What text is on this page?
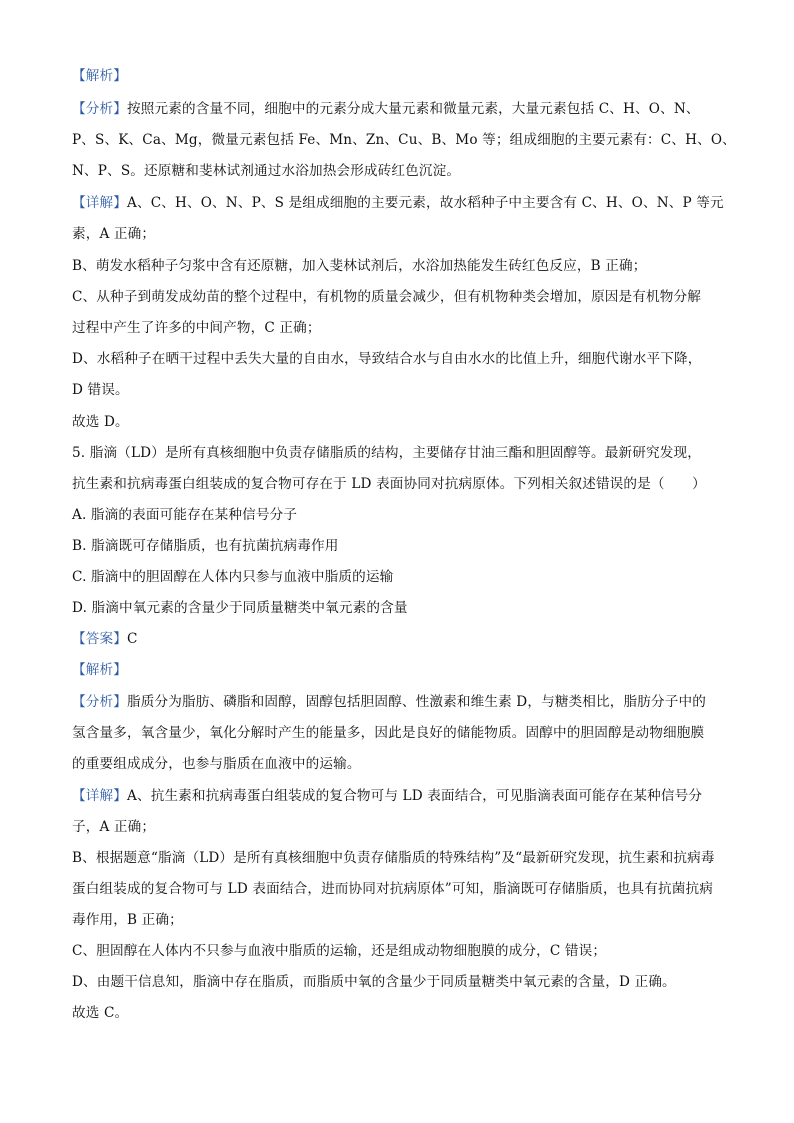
【解析】
【分析】按照元素的含量不同，细胞中的元素分成大量元素和微量元素，大量元素包括 C、H、O、N、
P、S、K、Ca、Mg，微量元素包括 Fe、Mn、Zn、Cu、B、Mo 等；组成细胞的主要元素有：C、H、O、
N、P、S。还原糖和斐林试剂通过水浴加热会形成砖红色沉淀。
【详解】A、C、H、O、N、P、S 是组成细胞的主要元素，故水稻种子中主要含有 C、H、O、N、P 等元
素，A 正确；
B、萌发水稻种子匀浆中含有还原糖，加入斐林试剂后，水浴加热能发生砖红色反应，B 正确；
C、从种子到萌发成幼苗的整个过程中，有机物的质量会减少，但有机物种类会增加，原因是有机物分解
过程中产生了许多的中间产物，C 正确；
D、水稻种子在晒干过程中丢失大量的自由水，导致结合水与自由水水的比值上升，细胞代谢水平下降，
D 错误。
故选 D。
5. 脂滴（LD）是所有真核细胞中负责存储脂质的结构，主要储存甘油三酯和胆固醇等。最新研究发现，
抗生素和抗病毒蛋白组装成的复合物可存在于 LD 表面协同对抗病原体。下列相关叙述错误的是（　　）
A. 脂滴的表面可能存在某种信号分子
B. 脂滴既可存储脂质，也有抗菌抗病毒作用
C. 脂滴中的胆固醇在人体内只参与血液中脂质的运输
D. 脂滴中氧元素的含量少于同质量糖类中氧元素的含量
【答案】C
【解析】
【分析】脂质分为脂肪、磷脂和固醇，固醇包括胆固醇、性激素和维生素 D，与糖类相比，脂肪分子中的
氢含量多，氧含量少，氧化分解时产生的能量多，因此是良好的储能物质。固醇中的胆固醇是动物细胞膜
的重要组成成分，也参与脂质在血液中的运输。
【详解】A、抗生素和抗病毒蛋白组装成的复合物可与 LD 表面结合，可见脂滴表面可能存在某种信号分
子，A 正确；
B、根据题意“脂滴（LD）是所有真核细胞中负责存储脂质的特殊结构”及“最新研究发现，抗生素和抗病毒
蛋白组装成的复合物可与 LD 表面结合，进而协同对抗病原体”可知，脂滴既可存储脂质，也具有抗菌抗病
毒作用，B 正确；
C、胆固醇在人体内不只参与血液中脂质的运输，还是组成动物细胞膜的成分，C 错误；
D、由题干信息知，脂滴中存在脂质，而脂质中氧的含量少于同质量糖类中氧元素的含量，D 正确。
故选 C。
